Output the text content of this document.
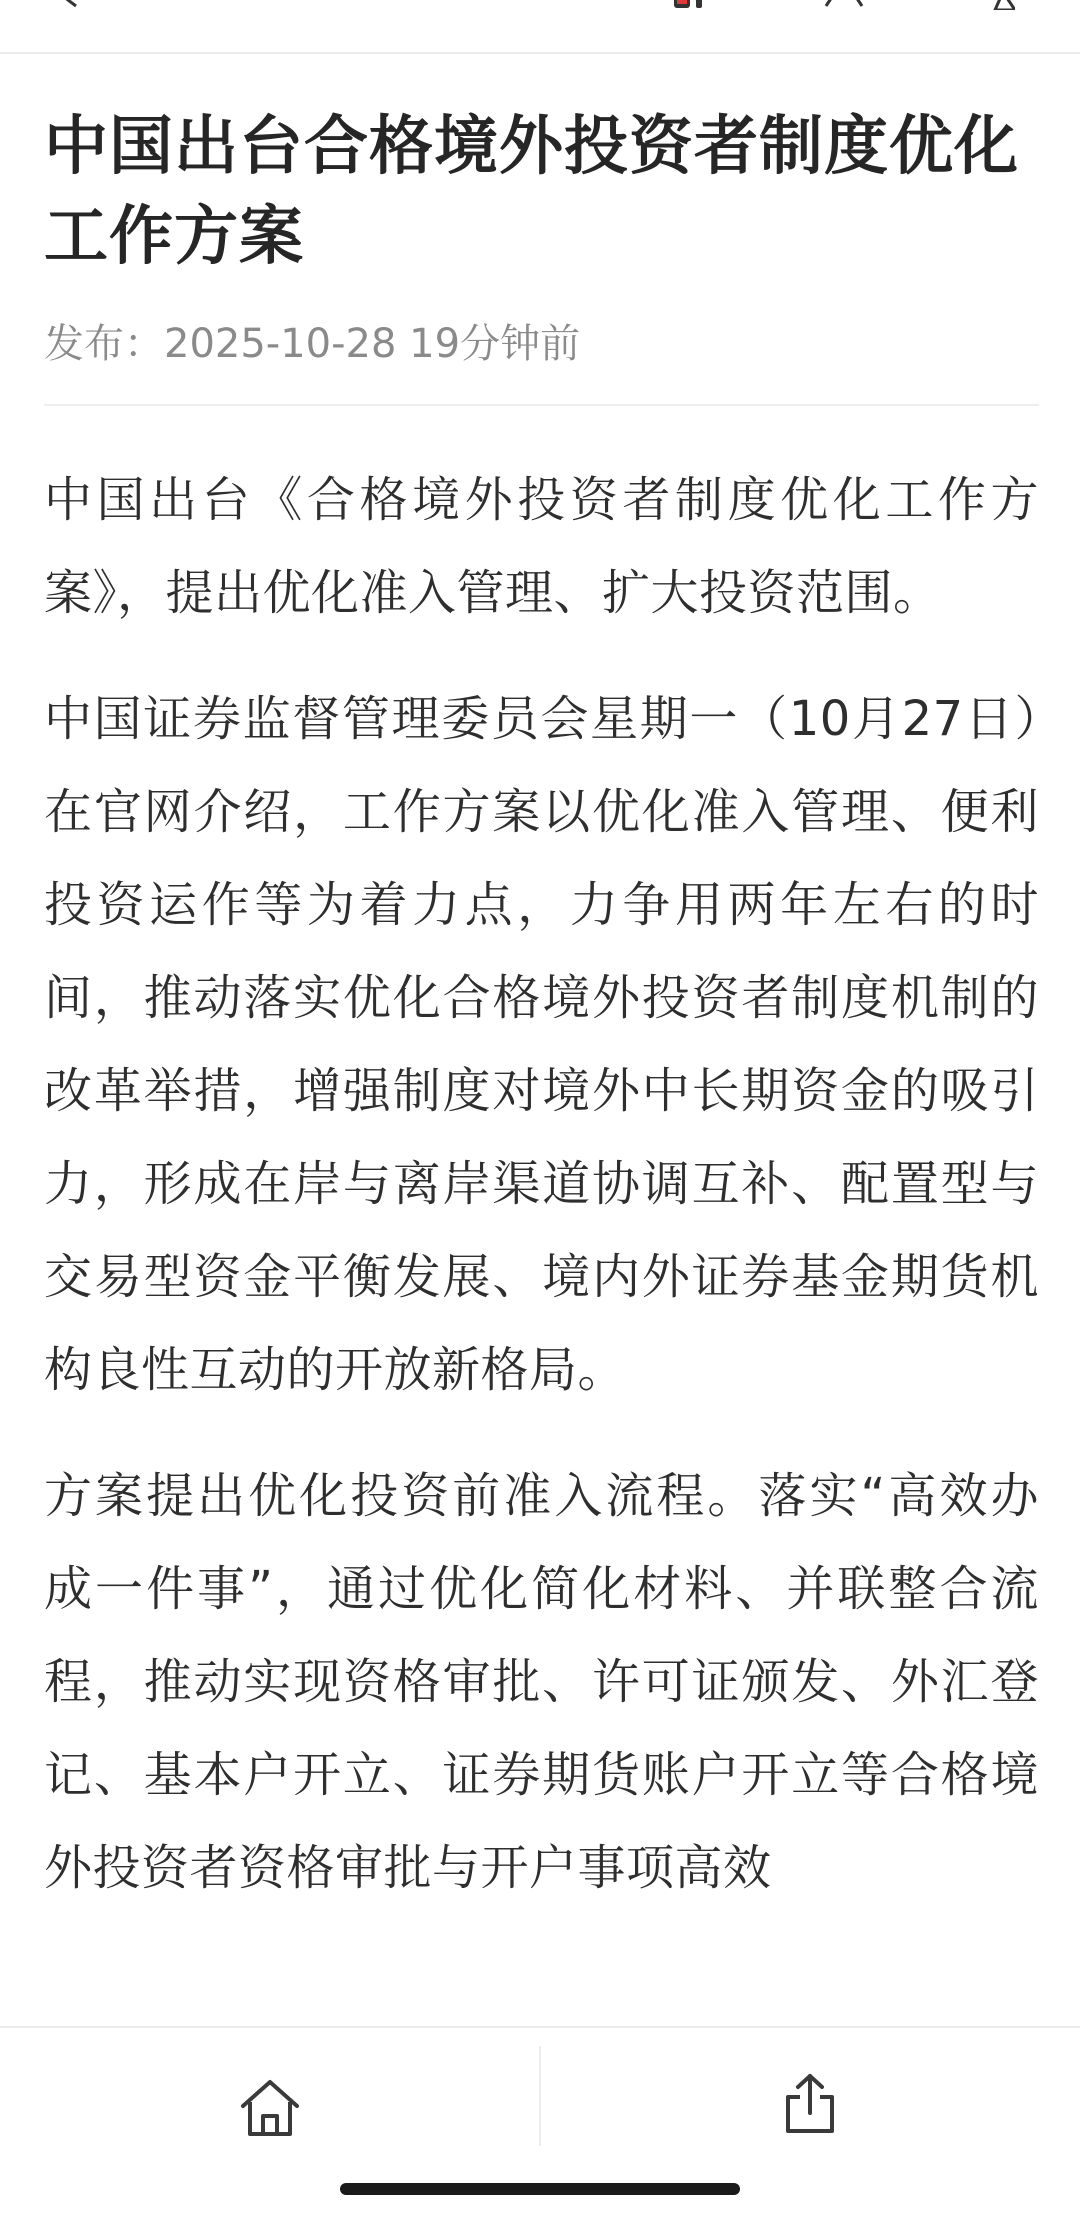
中国出台合格境外投资者制度优化工作方案
发布：2025-10-28 19分钟前

中国出台《合格境外投资者制度优化工作方案》，提出优化准入管理、扩大投资范围。

中国证券监督管理委员会星期一（10月27日）在官网介绍，工作方案以优化准入管理、便利投资运作等为着力点，力争用两年左右的时间，推动落实优化合格境外投资者制度机制的改革举措，增强制度对境外中长期资金的吸引力，形成在岸与离岸渠道协调互补、配置型与交易型资金平衡发展、境内外证券基金期货机构良性互动的开放新格局。

方案提出优化投资前准入流程。落实“高效办成一件事”，通过优化简化材料、并联整合流程，推动实现资格审批、许可证颁发、外汇登记、基本户开立、证券期货账户开立等合格境外投资者资格审批与开户事项高效
